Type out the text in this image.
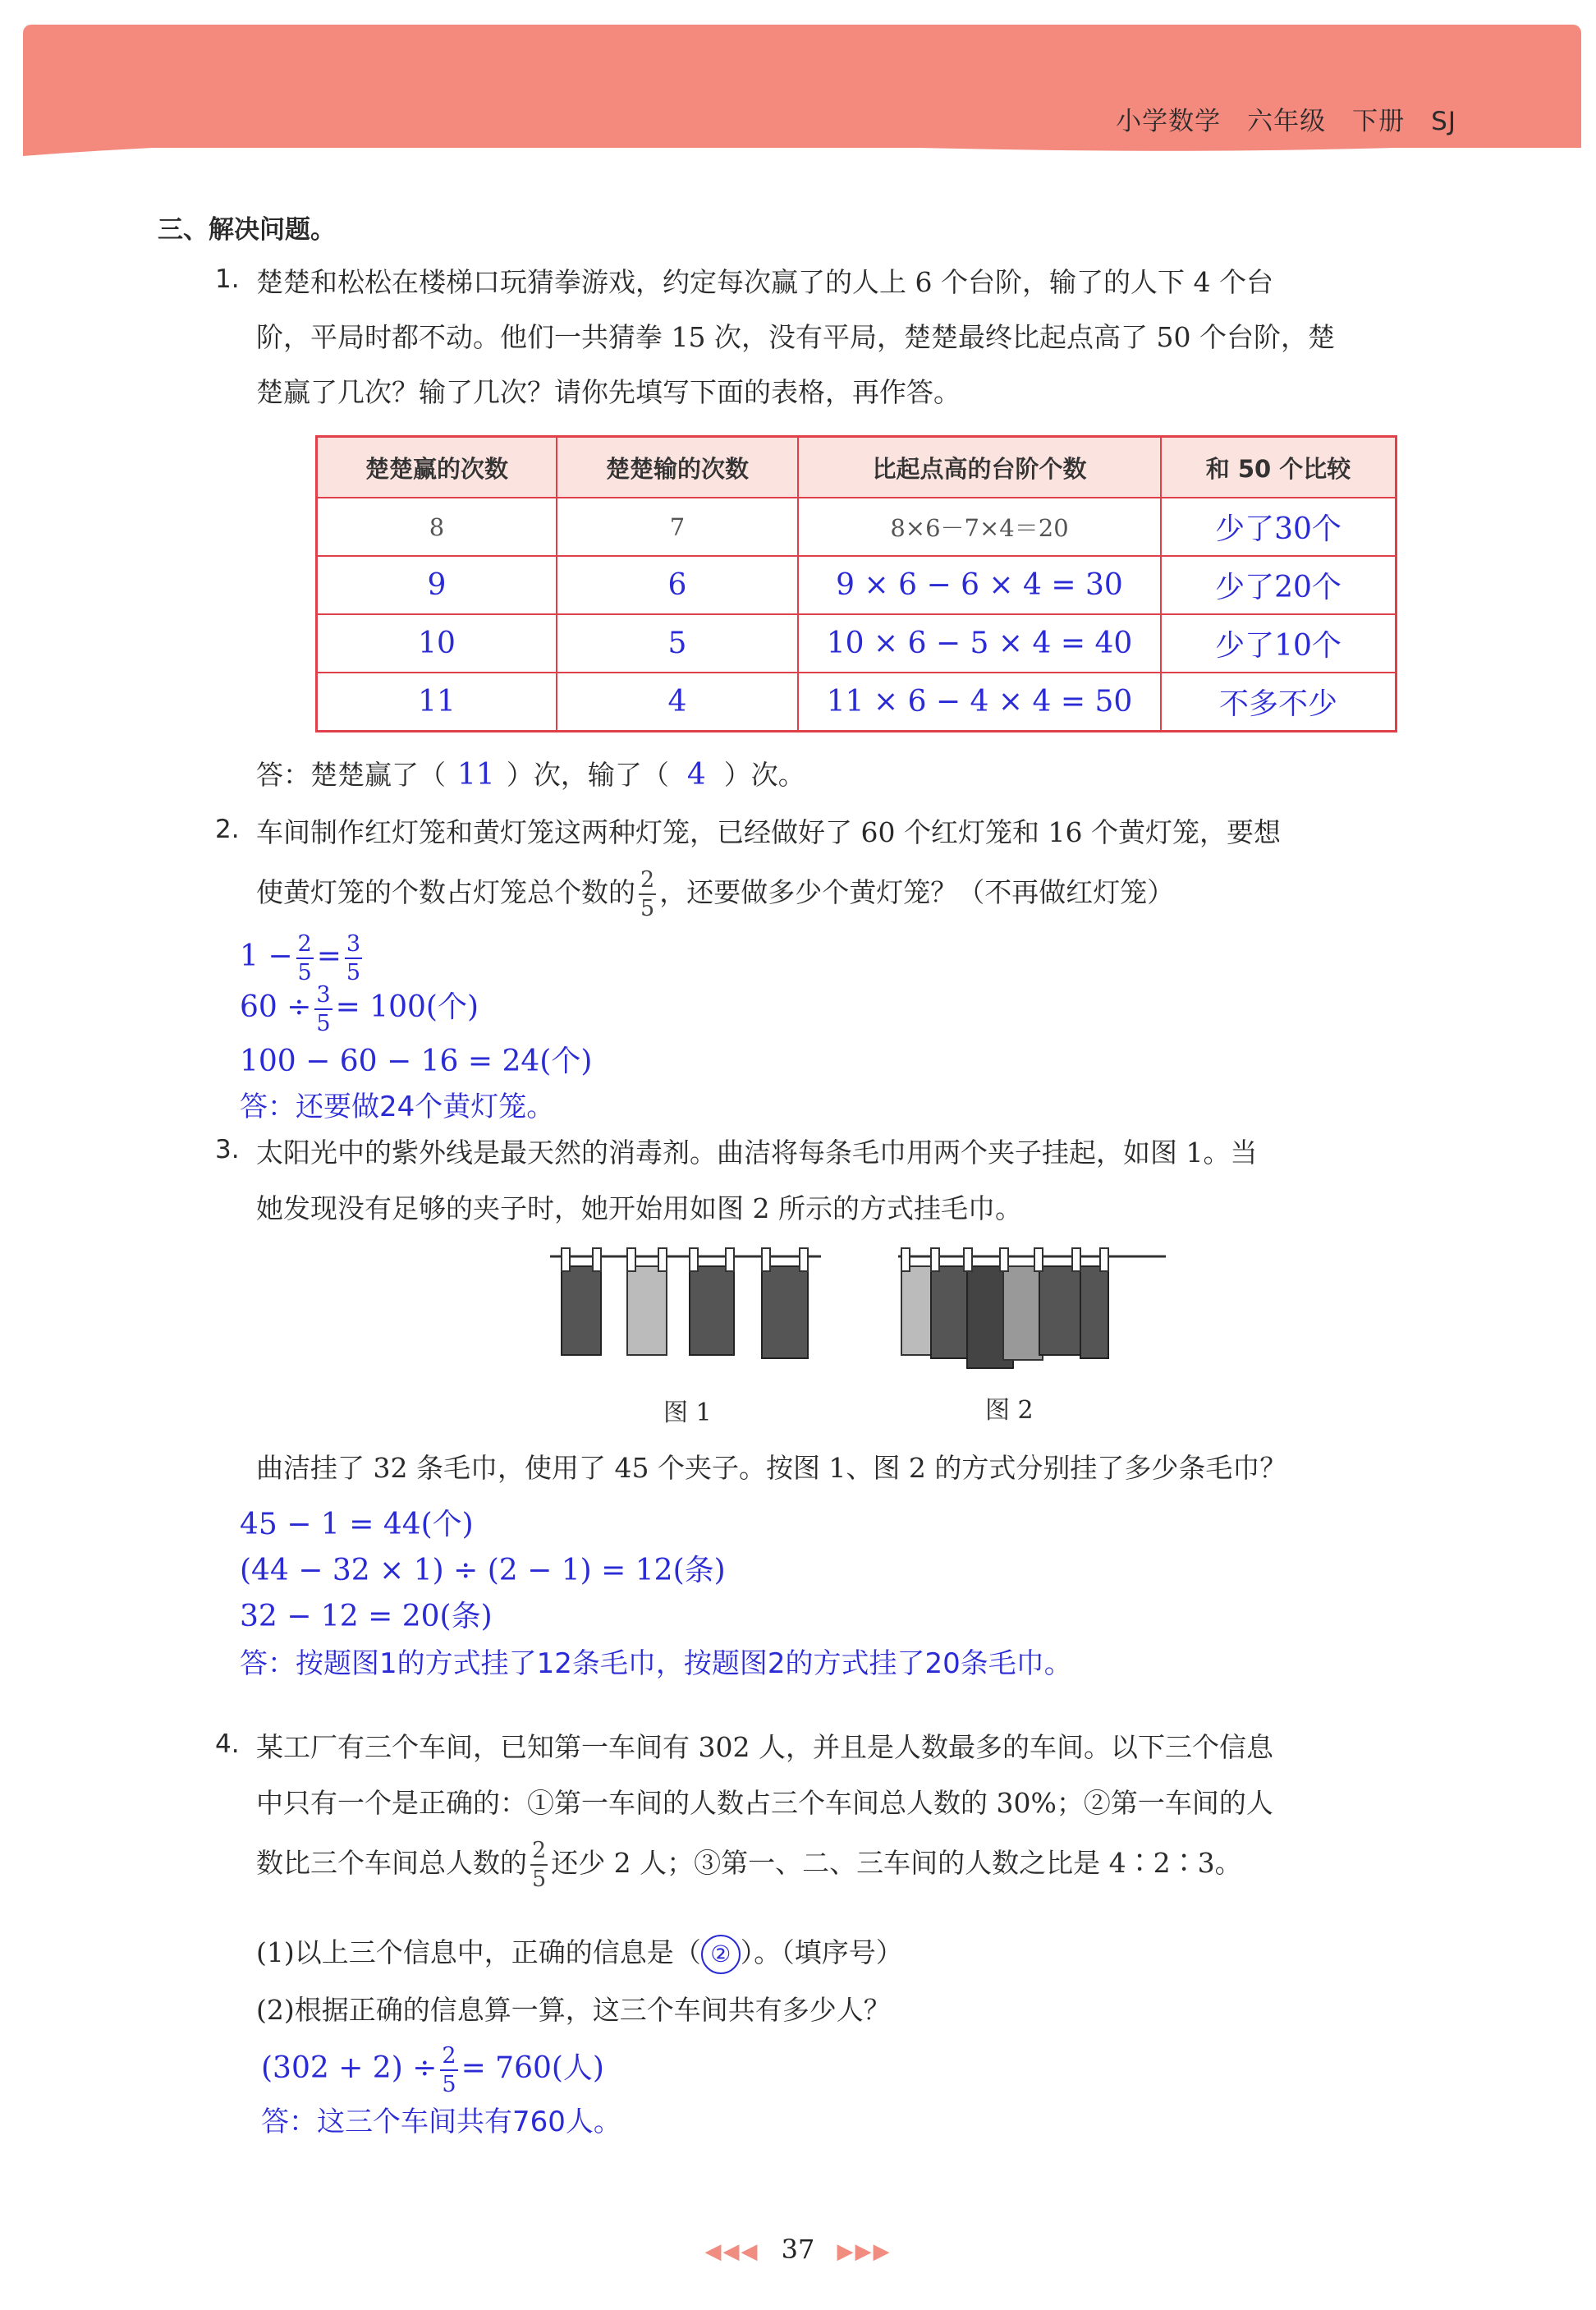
小学数学　六年级　下册　SJ
三、解决问题。
1. 楚楚和松松在楼梯口玩猜拳游戏，约定每次赢了的人上 6 个台阶，输了的人下 4 个台
阶，平局时都不动。他们一共猜拳 15 次，没有平局，楚楚最终比起点高了 50 个台阶，楚
楚赢了几次？输了几次？请你先填写下面的表格，再作答。
楚楚赢的次数	楚楚输的次数	比起点高的台阶个数	和 50 个比较
8	7	8×6－7×4＝20	少了30个
9	6	9 × 6 − 6 × 4 = 30	少了20个
10	5	10 × 6 − 5 × 4 = 40	少了10个
11	4	11 × 6 − 4 × 4 = 50	不多不少
答：楚楚赢了（ 11 ）次，输了（ 4 ）次。
2. 车间制作红灯笼和黄灯笼这两种灯笼，已经做好了 60 个红灯笼和 16 个黄灯笼，要想
使黄灯笼的个数占灯笼总个数的 $\frac{2}{5}$ ，还要做多少个黄灯笼？（不再做红灯笼）
$1 - \frac{2}{5} = \frac{3}{5}$
$60 \div \frac{3}{5} = 100$(个)
100 − 60 − 16 = 24(个)
答：还要做24个黄灯笼。
3. 太阳光中的紫外线是最天然的消毒剂。曲洁将每条毛巾用两个夹子挂起，如图 1。当
她发现没有足够的夹子时，她开始用如图 2 所示的方式挂毛巾。
图 1	图 2
曲洁挂了 32 条毛巾，使用了 45 个夹子。按图 1、图 2 的方式分别挂了多少条毛巾？
45 − 1 = 44(个)
(44 − 32 × 1) ÷ (2 − 1) = 12(条)
32 − 12 = 20(条)
答：按题图1的方式挂了12条毛巾，按题图2的方式挂了20条毛巾。
4. 某工厂有三个车间，已知第一车间有 302 人，并且是人数最多的车间。以下三个信息
中只有一个是正确的：①第一车间的人数占三个车间总人数的 30%；②第一车间的人
数比三个车间总人数的 $\frac{2}{5}$ 还少 2 人；③第一、二、三车间的人数之比是 4∶2∶3。
(1)以上三个信息中，正确的信息是（ ② ）。（填序号）
(2)根据正确的信息算一算，这三个车间共有多少人？
$(302 + 2) \div \frac{2}{5} = 760$(人)
答：这三个车间共有760人。
◀◀◀ 37 ▶▶▶
